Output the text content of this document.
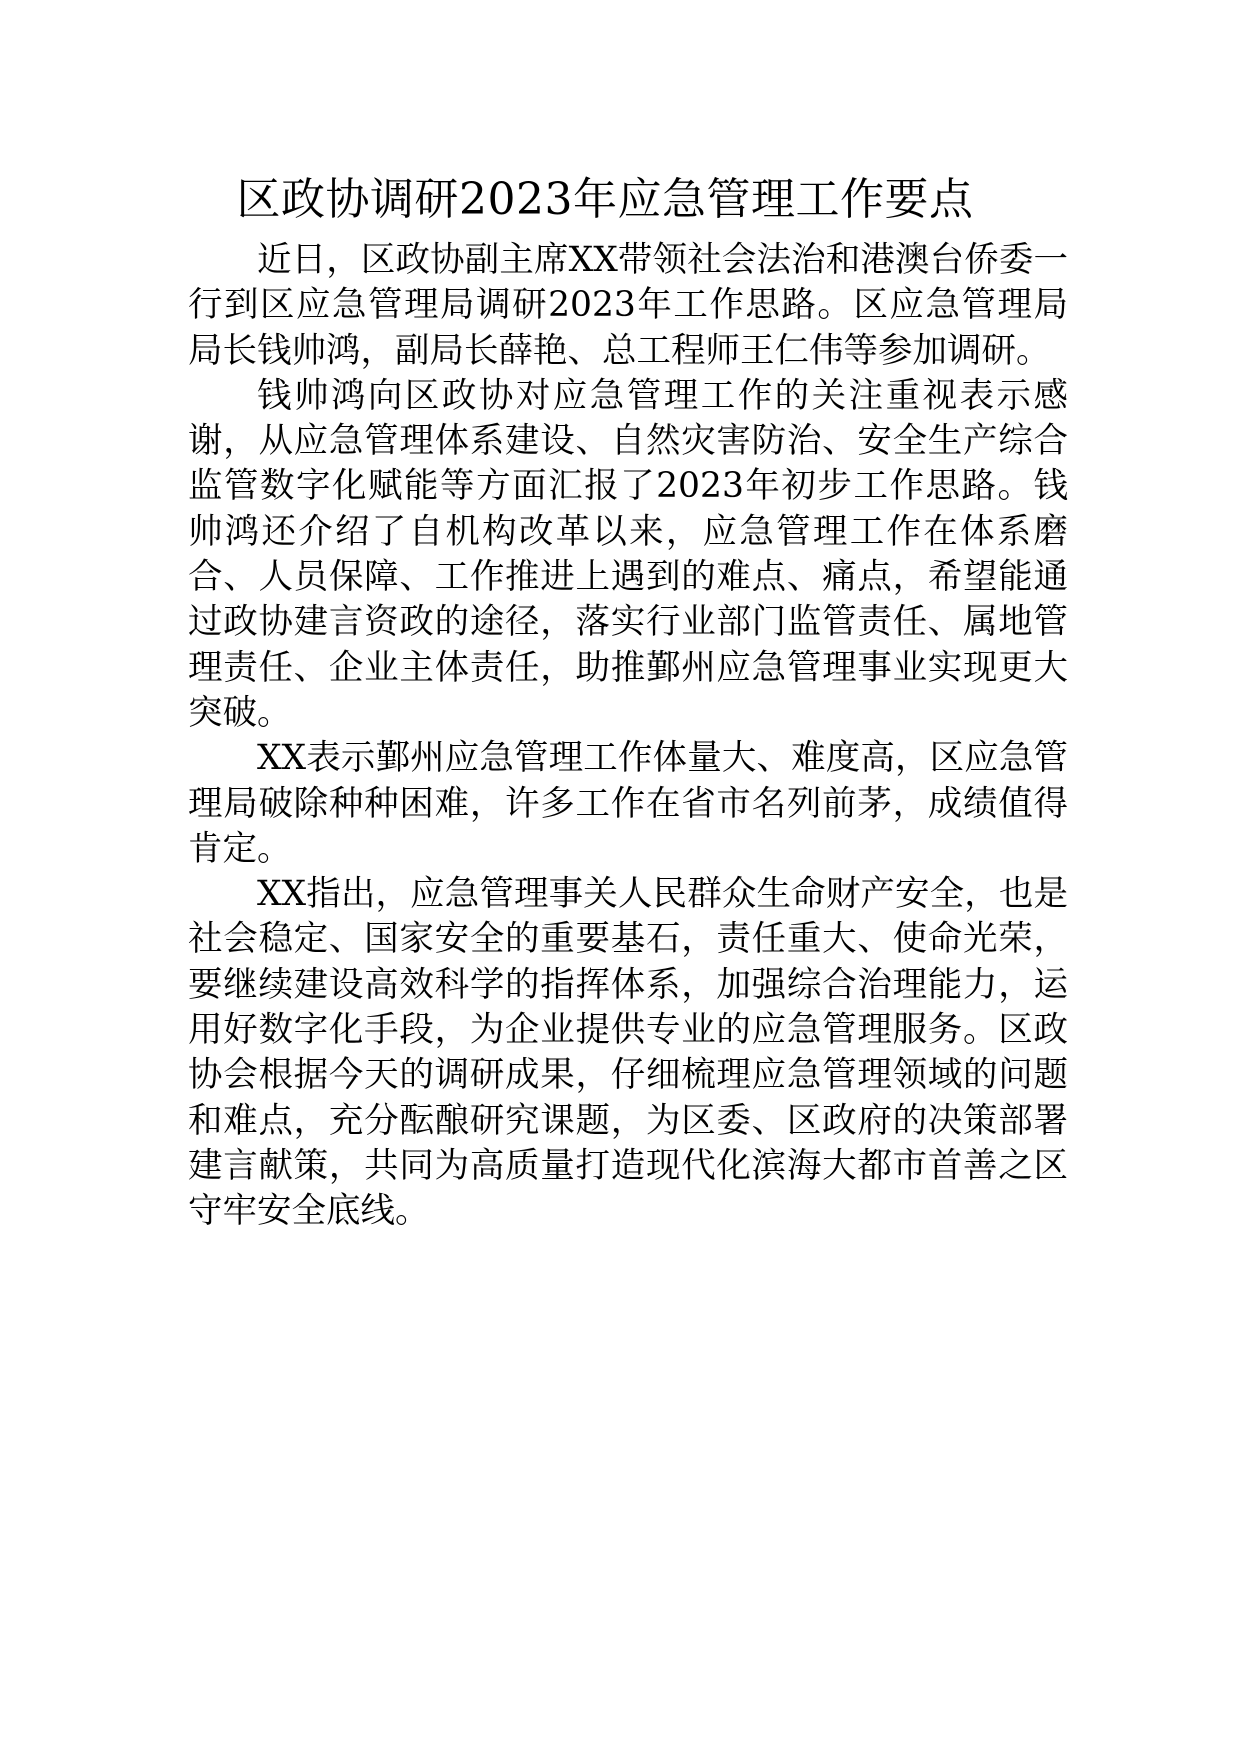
区政协调研2023年应急管理工作要点

近日，区政协副主席XX带领社会法治和港澳台侨委一行到区应急管理局调研2023年工作思路。区应急管理局局长钱帅鸿，副局长薛艳、总工程师王仁伟等参加调研。

钱帅鸿向区政协对应急管理工作的关注重视表示感谢，从应急管理体系建设、自然灾害防治、安全生产综合监管数字化赋能等方面汇报了2023年初步工作思路。钱帅鸿还介绍了自机构改革以来，应急管理工作在体系磨合、人员保障、工作推进上遇到的难点、痛点，希望能通过政协建言资政的途径，落实行业部门监管责任、属地管理责任、企业主体责任，助推鄞州应急管理事业实现更大突破。

XX表示鄞州应急管理工作体量大、难度高，区应急管理局破除种种困难，许多工作在省市名列前茅，成绩值得肯定。

XX指出，应急管理事关人民群众生命财产安全，也是社会稳定、国家安全的重要基石，责任重大、使命光荣，要继续建设高效科学的指挥体系，加强综合治理能力，运用好数字化手段，为企业提供专业的应急管理服务。区政协会根据今天的调研成果，仔细梳理应急管理领域的问题和难点，充分酝酿研究课题，为区委、区政府的决策部署建言献策，共同为高质量打造现代化滨海大都市首善之区守牢安全底线。
